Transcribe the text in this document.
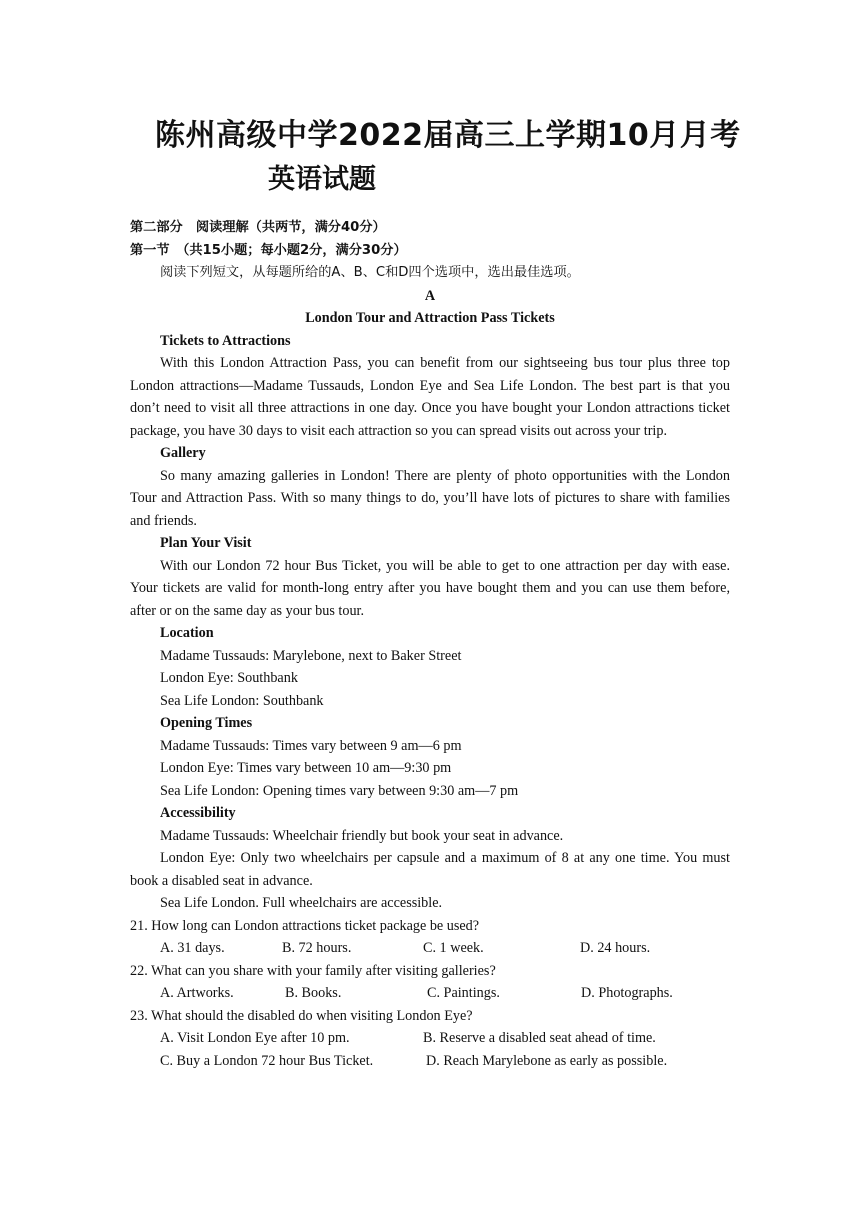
陈州高级中学2022届高三上学期10月月考
英语试题

第二部分　阅读理解（共两节，满分40分）

第一节　（共15小题；每小题2分，满分30分）

阅读下列短文，从每题所给的A、B、C和D四个选项中，选出最佳选项。

A

London Tour and Attraction Pass Tickets

Tickets to Attractions

With this London Attraction Pass, you can benefit from our sightseeing bus tour plus three top London attractions—Madame Tussauds, London Eye and Sea Life London. The best part is that you don’t need to visit all three attractions in one day. Once you have bought your London attractions ticket package, you have 30 days to visit each attraction so you can spread visits out across your trip.

Gallery

So many amazing galleries in London! There are plenty of photo opportunities with the London Tour and Attraction Pass. With so many things to do, you’ll have lots of pictures to share with families and friends.

Plan Your Visit

With our London 72 hour Bus Ticket, you will be able to get to one attraction per day with ease. Your tickets are valid for month-long entry after you have bought them and you can use them before, after or on the same day as your bus tour.

Location

Madame Tussauds: Marylebone, next to Baker Street

London Eye: Southbank

Sea Life London: Southbank

Opening Times

Madame Tussauds: Times vary between 9 am—6 pm

London Eye: Times vary between 10 am—9:30 pm

Sea Life London: Opening times vary between 9:30 am—7 pm

Accessibility

Madame Tussauds: Wheelchair friendly but book your seat in advance.

London Eye: Only two wheelchairs per capsule and a maximum of 8 at any one time. You must book a disabled seat in advance.

Sea Life London. Full wheelchairs are accessible.

21. How long can London attractions ticket package be used?

A. 31 days.	B. 72 hours.	C. 1 week.	D. 24 hours.

22. What can you share with your family after visiting galleries?

A. Artworks.	B. Books.	C. Paintings.	D. Photographs.

23. What should the disabled do when visiting London Eye?

A. Visit London Eye after 10 pm.	B. Reserve a disabled seat ahead of time.
C. Buy a London 72 hour Bus Ticket.	D. Reach Marylebone as early as possible.
